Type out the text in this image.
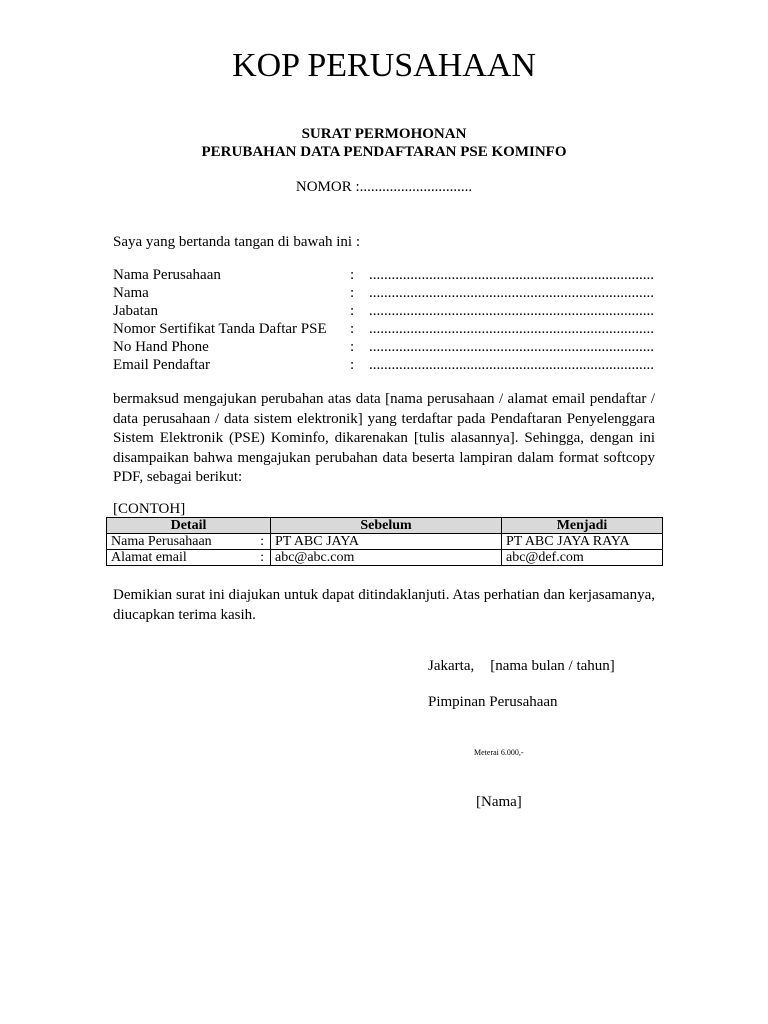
KOP PERUSAHAAN
SURAT PERMOHONAN
PERUBAHAN DATA PENDAFTARAN PSE KOMINFO
NOMOR :..............................
Saya yang bertanda tangan di bawah ini :
Nama Perusahaan	: ............................................................................
Nama	: ............................................................................
Jabatan	: ............................................................................
Nomor Sertifikat Tanda Daftar PSE : ............................................................................
No Hand Phone	: ............................................................................
Email Pendaftar	: ............................................................................
bermaksud mengajukan perubahan atas data [nama perusahaan / alamat email pendaftar / data perusahaan / data sistem elektronik] yang terdaftar pada Pendaftaran Penyelenggara Sistem Elektronik (PSE) Kominfo, dikarenakan [tulis alasannya]. Sehingga, dengan ini disampaikan bahwa mengajukan perubahan data beserta lampiran dalam format softcopy PDF, sebagai berikut:
[CONTOH]
Detail		Sebelum	Menjadi
Nama Perusahaan	:	PT ABC JAYA	PT ABC JAYA RAYA
Alamat email	:	abc@abc.com	abc@def.com
Demikian surat ini diajukan untuk dapat ditindaklanjuti. Atas perhatian dan kerjasamanya, diucapkan terima kasih.
Jakarta, [nama bulan / tahun]
Pimpinan Perusahaan
Meterai 6.000,-
[Nama]
